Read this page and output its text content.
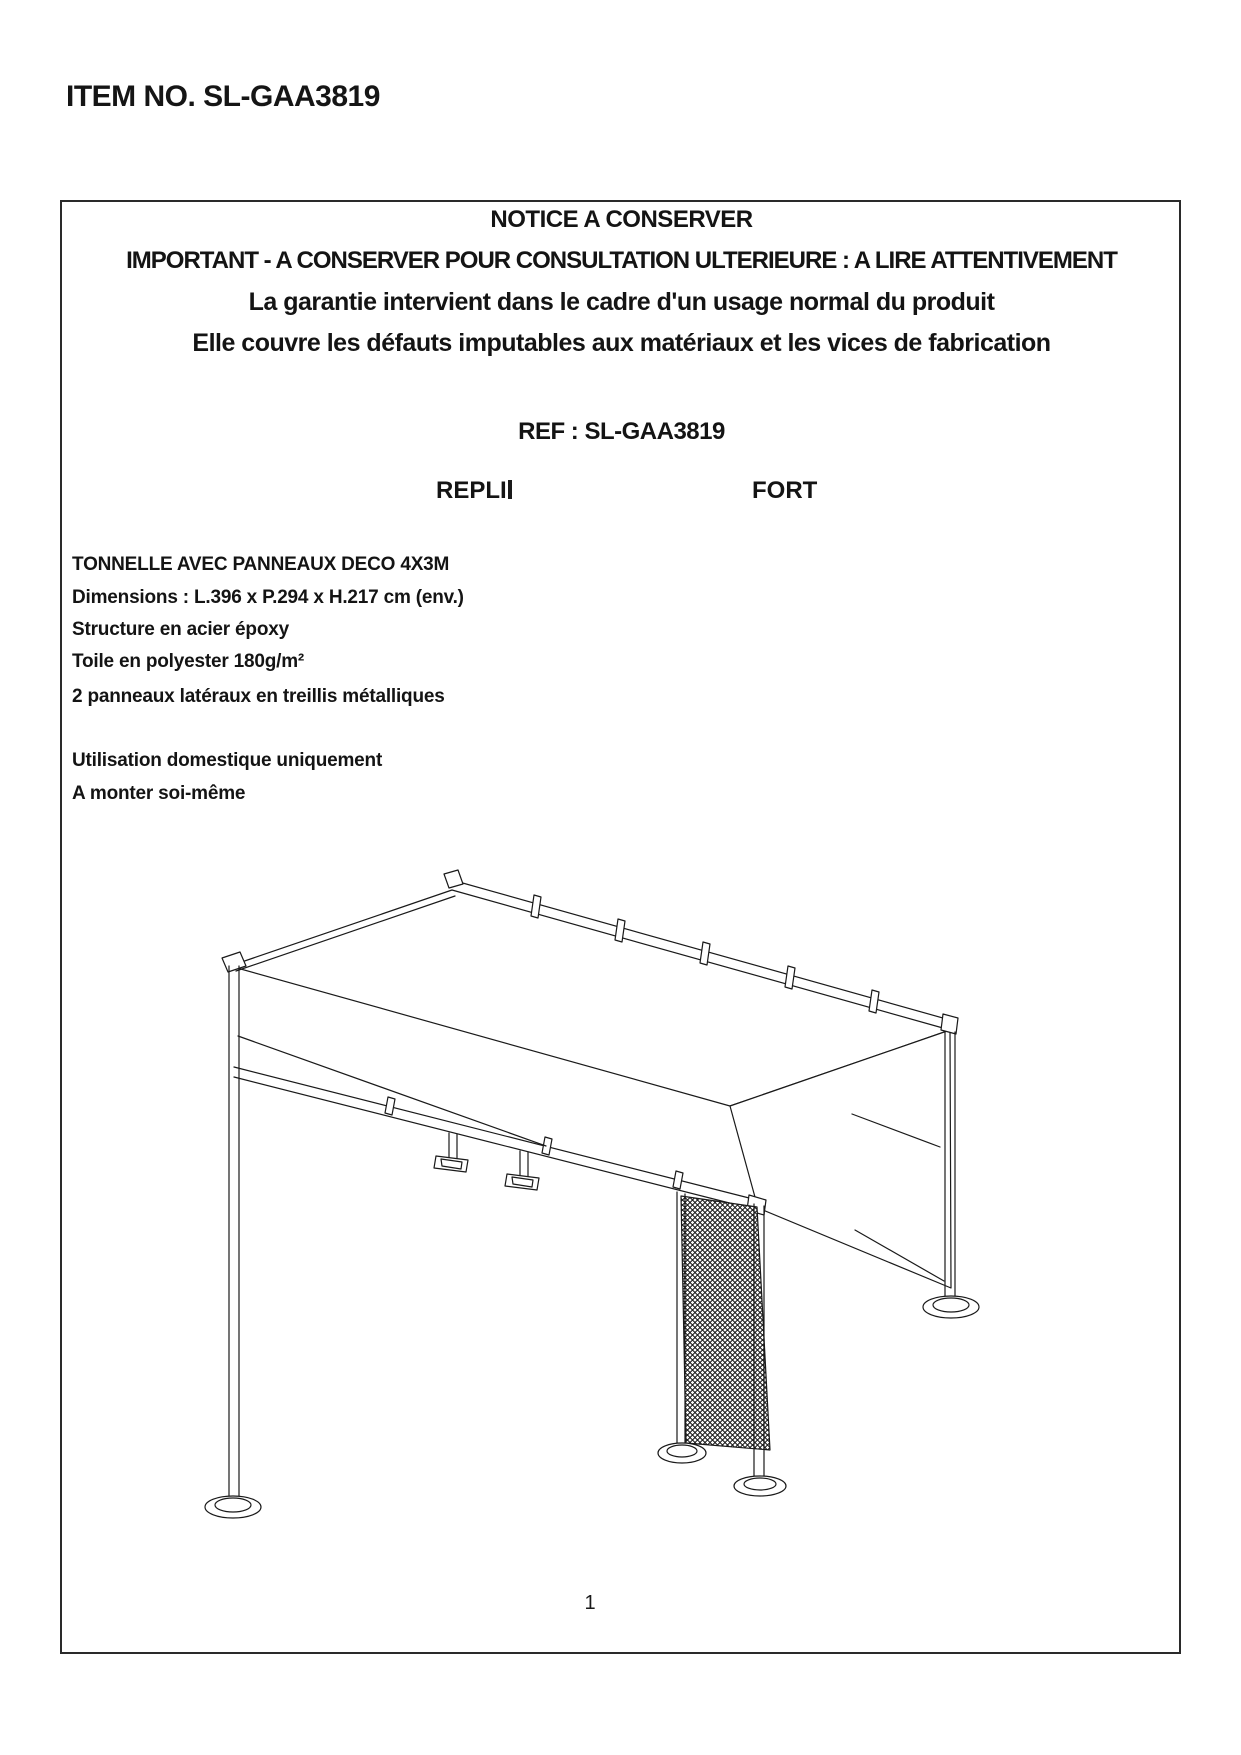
ITEM NO. SL-GAA3819
NOTICE A CONSERVER
IMPORTANT - A CONSERVER POUR CONSULTATION ULTERIEURE : A LIRE ATTENTIVEMENT
La garantie intervient dans le cadre d'un usage normal du produit
Elle couvre les défauts imputables aux matériaux et les vices de fabrication
REF : SL-GAA3819
REPLI	FORT
TONNELLE AVEC PANNEAUX DECO 4X3M
Dimensions : L.396 x P.294 x H.217 cm (env.)
Structure en acier époxy
Toile en polyester 180g/m²
2 panneaux latéraux en treillis métalliques
Utilisation domestique uniquement
A monter soi-même
1
